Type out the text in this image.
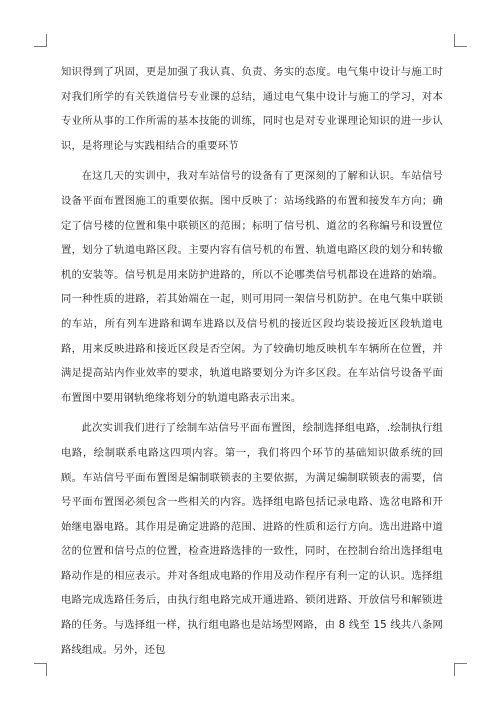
知识得到了巩固，更是加强了我认真、负责、务实的态度。电气集中设计与施工时对我们所学的有关铁道信号专业课的总结，通过电气集中设计与施工的学习，对本专业所从事的工作所需的基本技能的训练，同时也是对专业课理论知识的进一步认识，是将理论与实践相结合的重要环节

在这几天的实训中，我对车站信号的设备有了更深刻的了解和认识。车站信号设备平面布置图施工的重要依据。图中反映了：站场线路的布置和接发车方向；确定了信号楼的位置和集中联锁区的范围；标明了信号机、道岔的名称编号和设置位置，划分了轨道电路区段。主要内容有信号机的布置、轨道电路区段的划分和转辙机的安装等。信号机是用来防护进路的，所以不论哪类信号机都设在进路的始端。同一种性质的进路，若其始端在一起，则可用同一架信号机防护。在电气集中联锁的车站，所有列车进路和调车进路以及信号机的接近区段均装设接近区段轨道电路，用来反映进路和接近区段是否空闲。为了较确切地反映机车车辆所在位置，并满足提高站内作业效率的要求，轨道电路要划分为许多区段。在车站信号设备平面布置图中要用钢轨绝缘将划分的轨道电路表示出来。

此次实训我们进行了绘制车站信号平面布置图，绘制选择组电路，.绘制执行组电路，绘制联系电路这四项内容。第一，我们将四个环节的基础知识做系统的回顾。车站信号平面布置图是编制联锁表的主要依据，为满足编制联锁表的需要，信号平面布置图必须包含一些相关的内容。选择组电路包括记录电路、选岔电路和开始继电器电路。其作用是确定进路的范围、进路的性质和运行方向。选出进路中道岔的位置和信号点的位置，检查进路选排的一致性，同时，在控制台给出选择组电路动作是的相应表示。并对各组成电路的作用及动作程序有利一定的认识。选择组电路完成选路任务后，由执行组电路完成开通进路、锁闭进路、开放信号和解锁进路的任务。与选择组一样，执行组电路也是站场型网路，由 8 线至 15 线共八条网路线组成。另外，还包
